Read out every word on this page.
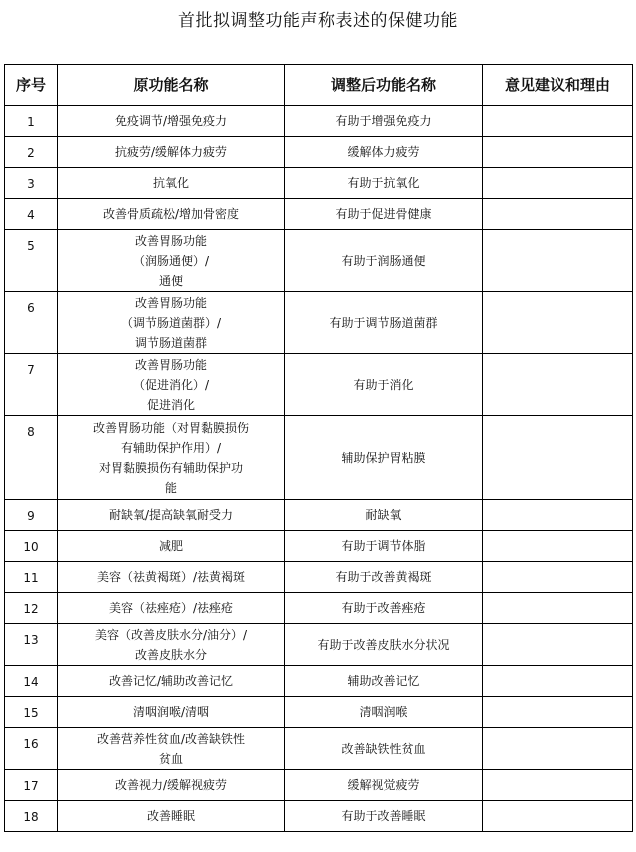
首批拟调整功能声称表述的保健功能
序号	原功能名称	调整后功能名称	意见建议和理由
1	免疫调节/增强免疫力	有助于增强免疫力	
2	抗疲劳/缓解体力疲劳	缓解体力疲劳	
3	抗氧化	有助于抗氧化	
4	改善骨质疏松/增加骨密度	有助于促进骨健康	
5	改善胃肠功能
（润肠通便）/
通便	有助于润肠通便	
6	改善胃肠功能
（调节肠道菌群）/
调节肠道菌群	有助于调节肠道菌群	
7	改善胃肠功能
（促进消化）/
促进消化	有助于消化	
8	改善胃肠功能（对胃黏膜损伤
有辅助保护作用）/
对胃黏膜损伤有辅助保护功
能	辅助保护胃粘膜	
9	耐缺氧/提高缺氧耐受力	耐缺氧	
10	减肥	有助于调节体脂	
11	美容（祛黄褐斑）/祛黄褐斑	有助于改善黄褐斑	
12	美容（祛痤疮）/祛痤疮	有助于改善痤疮	
13	美容（改善皮肤水分/油分）/
改善皮肤水分	有助于改善皮肤水分状况	
14	改善记忆/辅助改善记忆	辅助改善记忆	
15	清咽润喉/清咽	清咽润喉	
16	改善营养性贫血/改善缺铁性
贫血	改善缺铁性贫血	
17	改善视力/缓解视疲劳	缓解视觉疲劳	
18	改善睡眠	有助于改善睡眠	
